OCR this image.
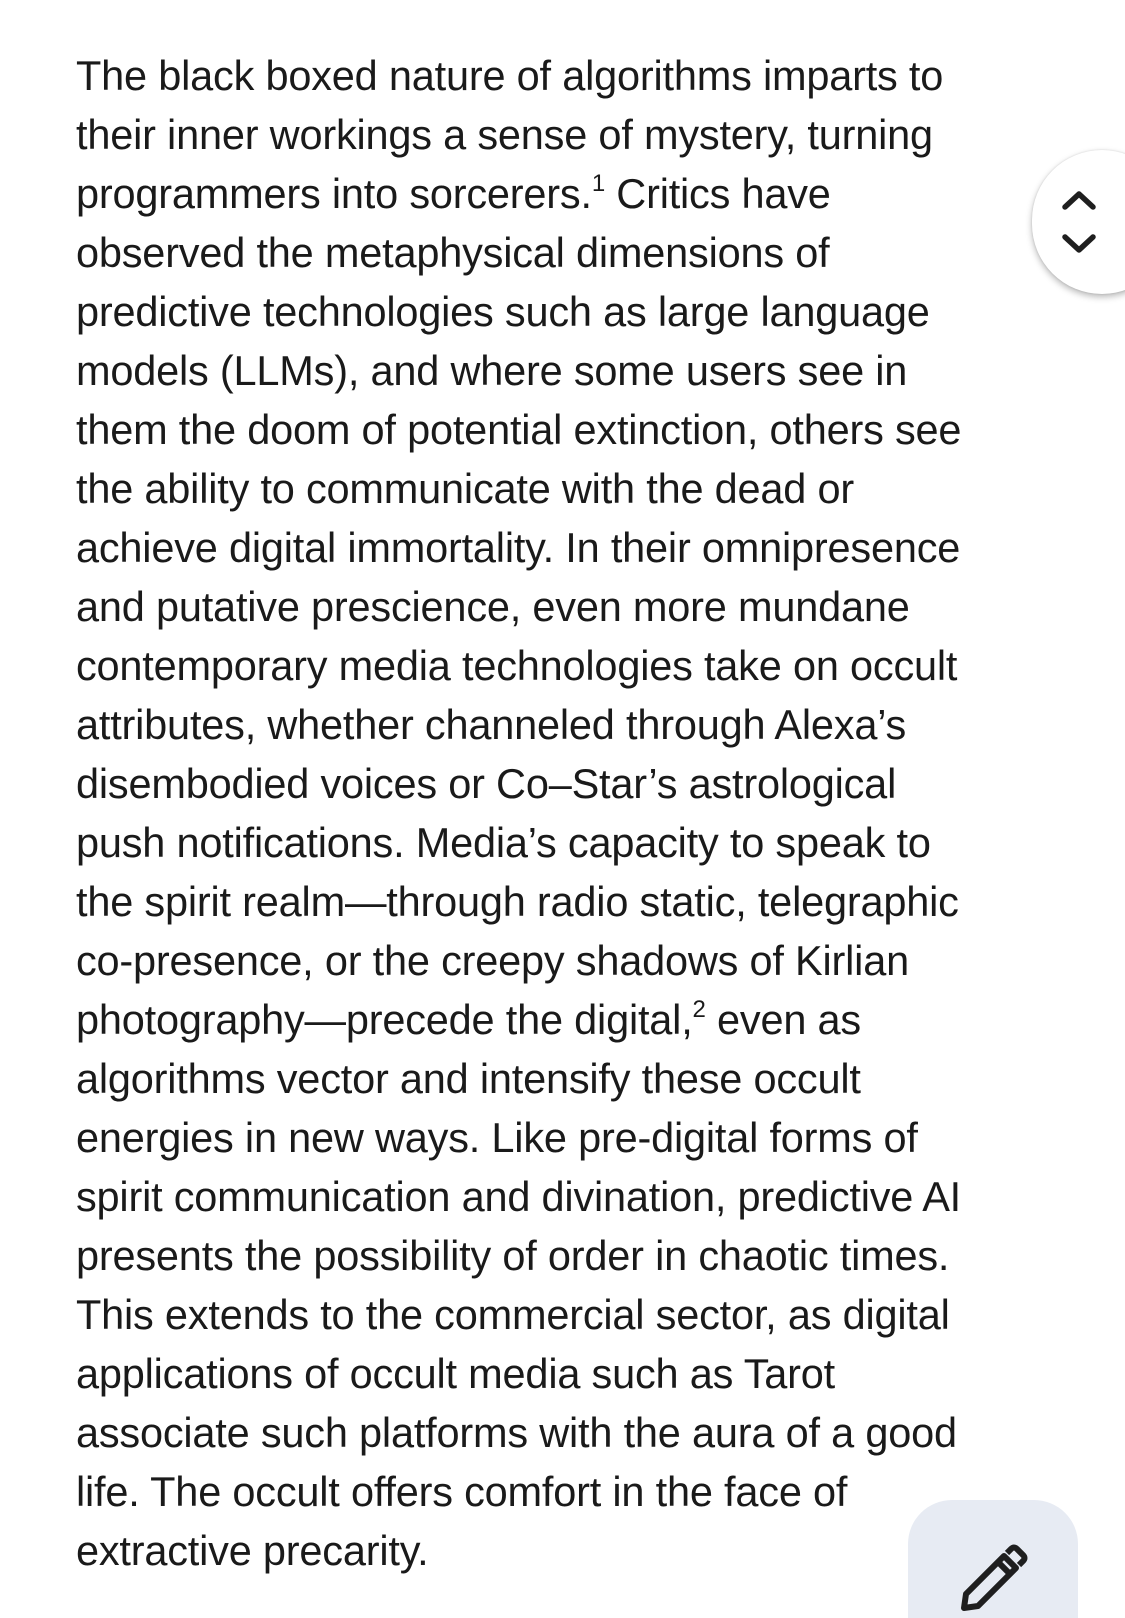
The black boxed nature of algorithms imparts to
their inner workings a sense of mystery, turning
programmers into sorcerers.$^1$ Critics have
observed the metaphysical dimensions of
predictive technologies such as large language
models (LLMs), and where some users see in
them the doom of potential extinction, others see
the ability to communicate with the dead or
achieve digital immortality. In their omnipresence
and putative prescience, even more mundane
contemporary media technologies take on occult
attributes, whether channeled through Alexa’s
disembodied voices or Co–Star’s astrological
push notifications. Media’s capacity to speak to
the spirit realm—through radio static, telegraphic
co-presence, or the creepy shadows of Kirlian
photography—precede the digital,$^2$ even as
algorithms vector and intensify these occult
energies in new ways. Like pre-digital forms of
spirit communication and divination, predictive AI
presents the possibility of order in chaotic times.
This extends to the commercial sector, as digital
applications of occult media such as Tarot
associate such platforms with the aura of a good
life. The occult offers comfort in the face of
extractive precarity.
